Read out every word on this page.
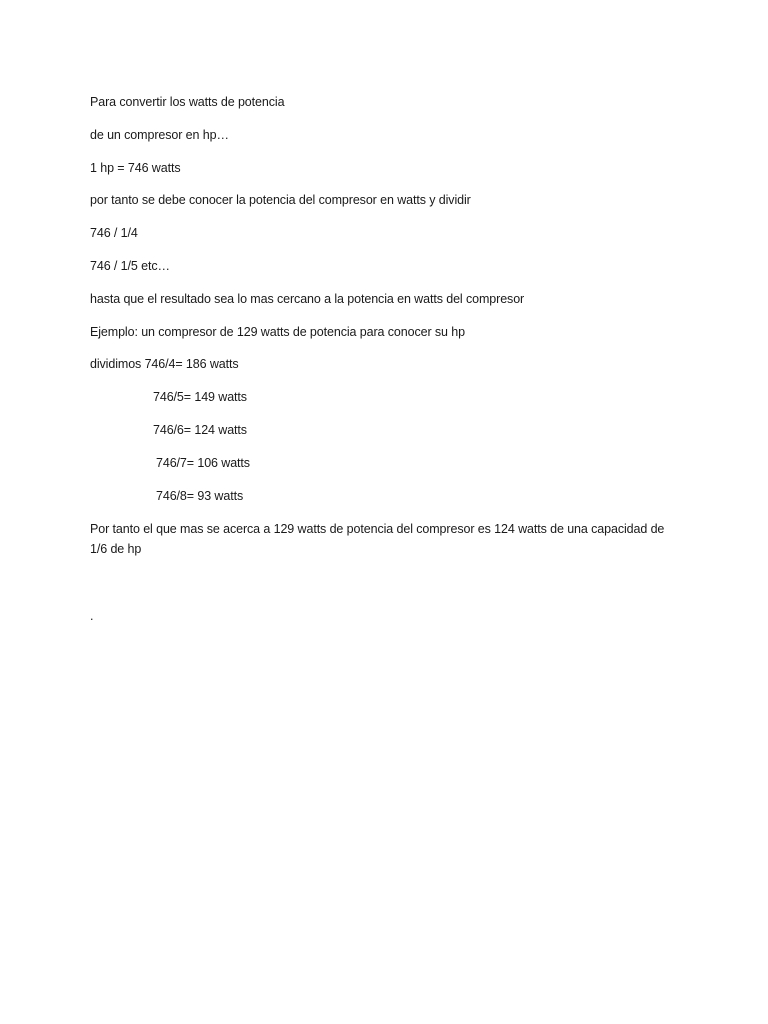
Para convertir los watts de potencia
de un compresor en hp…
1 hp = 746 watts
por tanto se debe conocer la potencia del compresor en watts y dividir
746 / 1/4
746 / 1/5 etc…
hasta que el resultado sea lo mas cercano a la potencia en watts del compresor
Ejemplo: un compresor de 129 watts de potencia para conocer su hp
dividimos 746/4= 186 watts
746/5= 149 watts
746/6= 124 watts
746/7= 106 watts
746/8= 93 watts
Por tanto el que mas se acerca a 129 watts de potencia del compresor es 124 watts de una capacidad de 1/6 de hp
.
